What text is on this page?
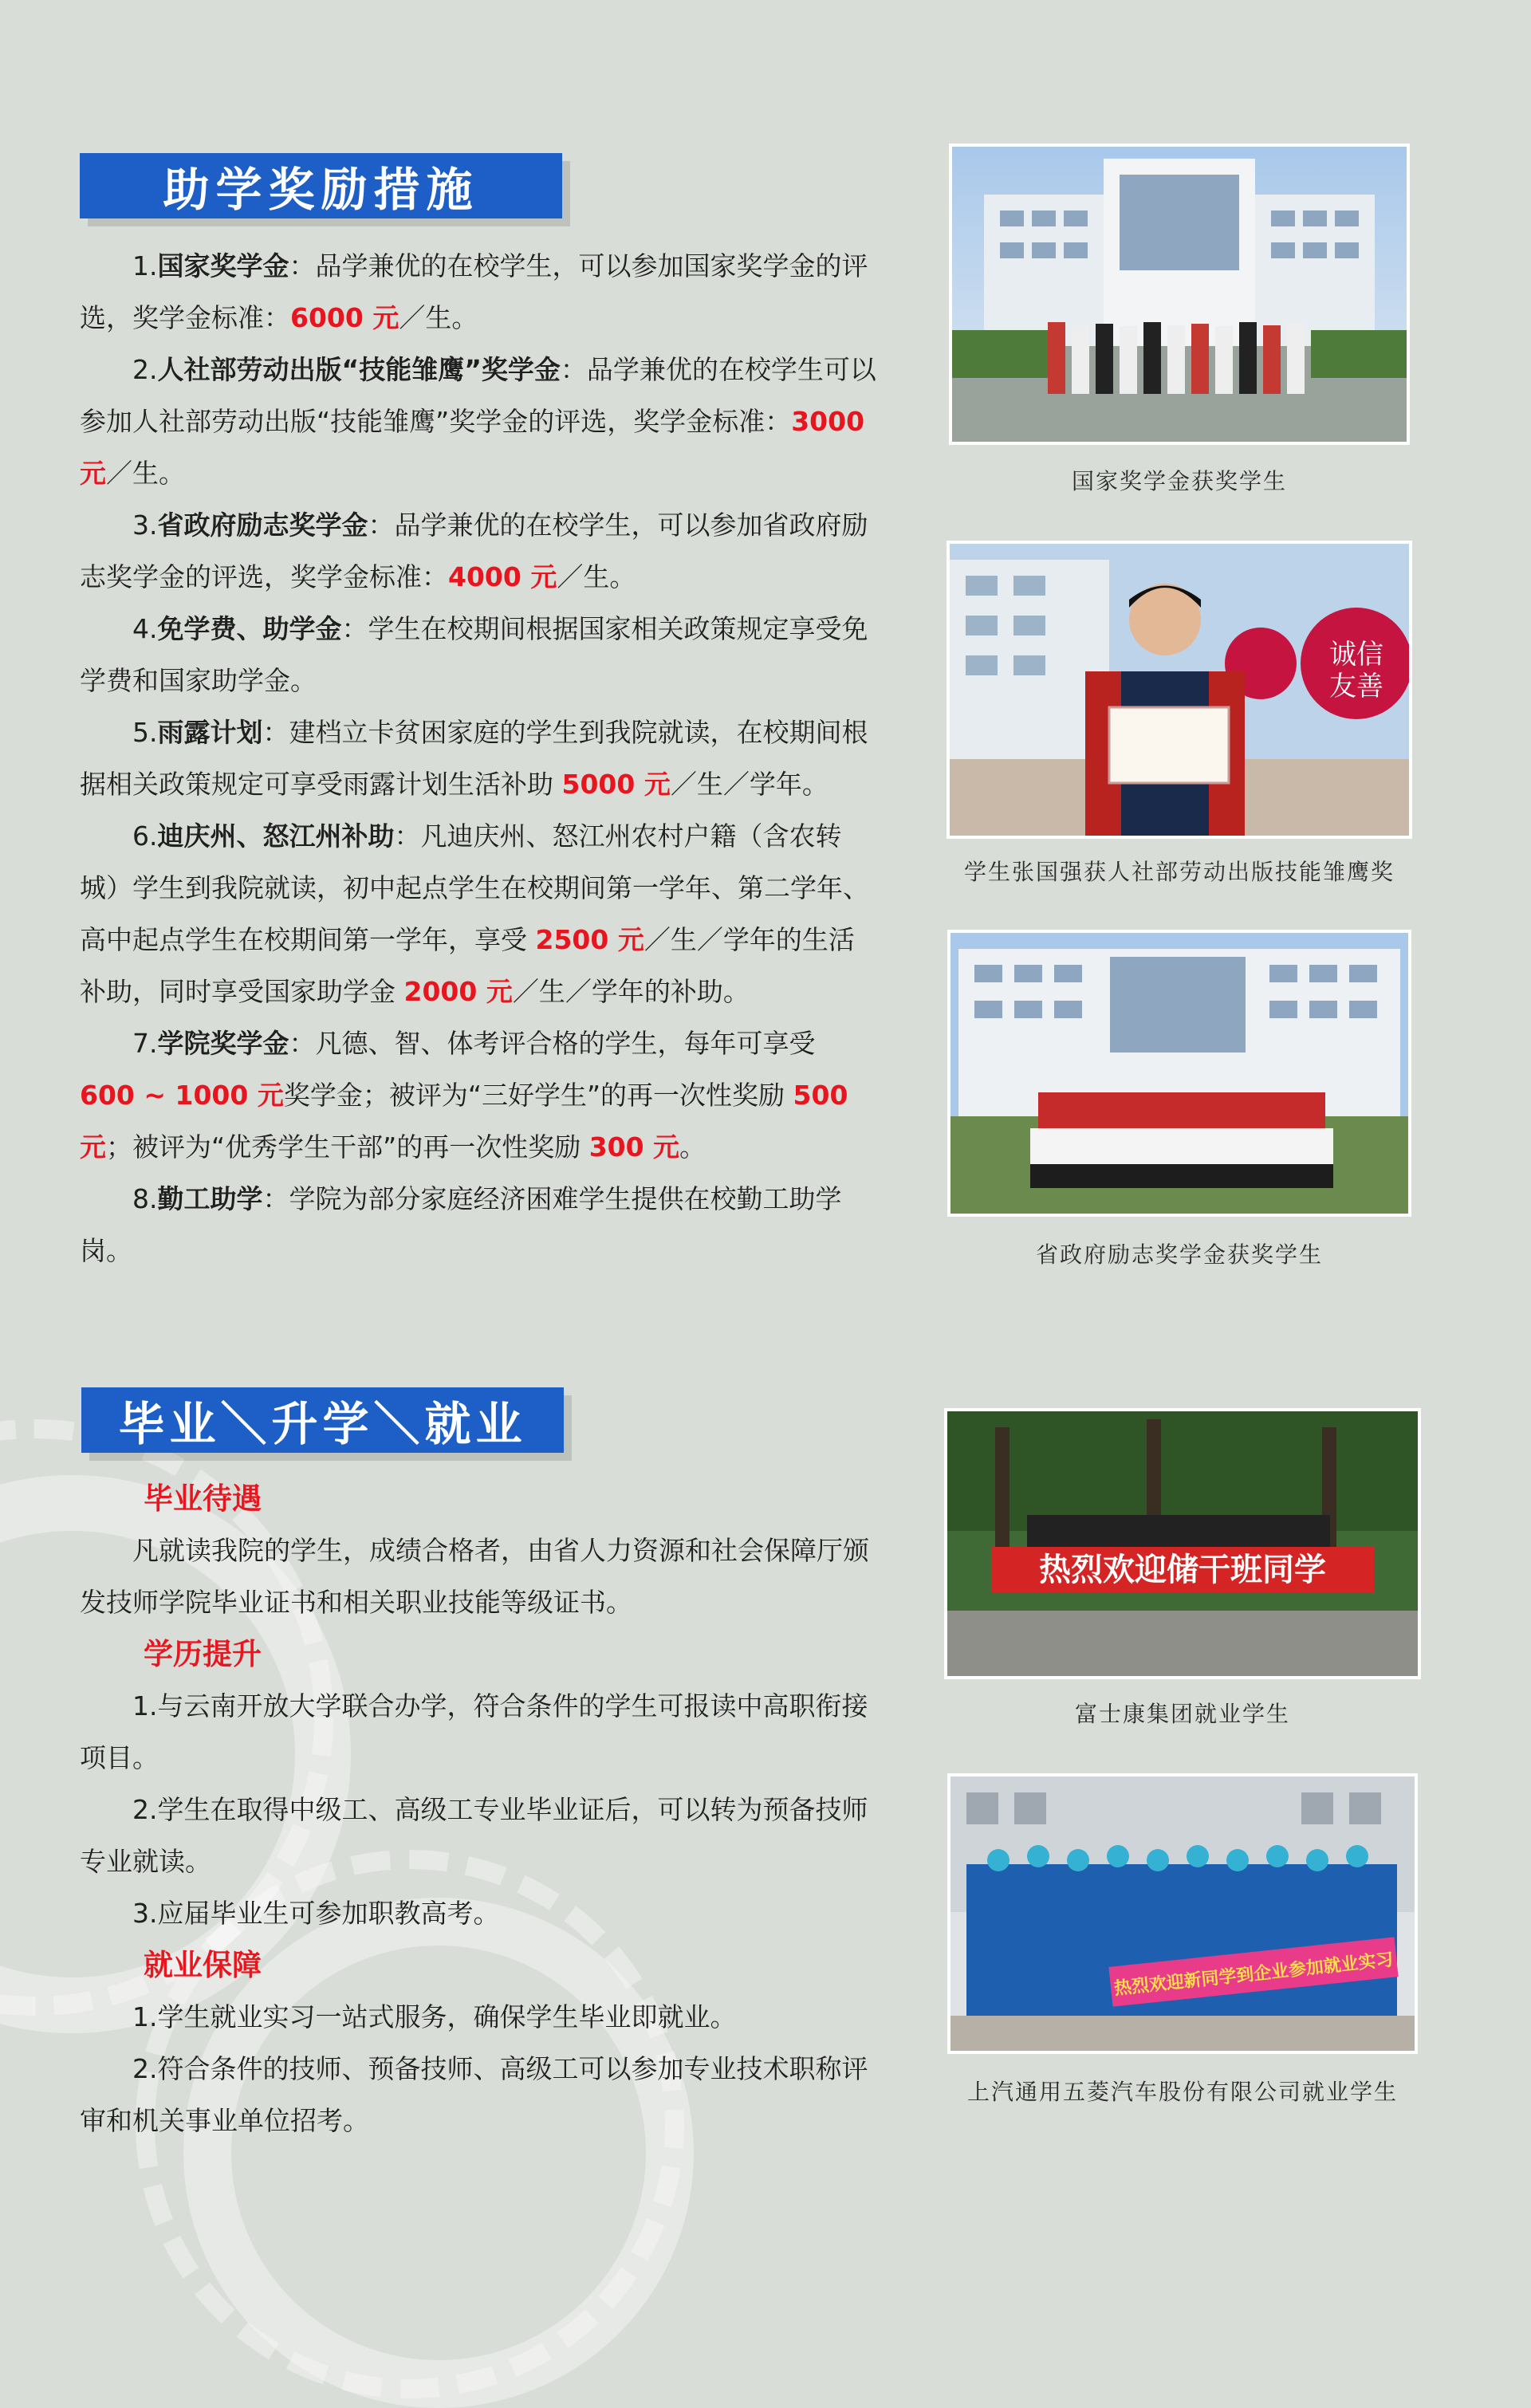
助学奖励措施

1.国家奖学金：品学兼优的在校学生，可以参加国家奖学金的评选，奖学金标准：6000 元／生。

2.人社部劳动出版“技能雏鹰”奖学金：品学兼优的在校学生可以参加人社部劳动出版“技能雏鹰”奖学金的评选，奖学金标准：3000 元／生。

3.省政府励志奖学金：品学兼优的在校学生，可以参加省政府励志奖学金的评选，奖学金标准：4000 元／生。

4.免学费、助学金：学生在校期间根据国家相关政策规定享受免学费和国家助学金。

5.雨露计划：建档立卡贫困家庭的学生到我院就读，在校期间根据相关政策规定可享受雨露计划生活补助 5000 元／生／学年。

6.迪庆州、怒江州补助：凡迪庆州、怒江州农村户籍（含农转城）学生到我院就读，初中起点学生在校期间第一学年、第二学年、高中起点学生在校期间第一学年，享受 2500 元／生／学年的生活补助，同时享受国家助学金 2000 元／生／学年的补助。

7.学院奖学金：凡德、智、体考评合格的学生，每年可享受 600 ~ 1000 元奖学金；被评为“三好学生”的再一次性奖励 500 元；被评为“优秀学生干部”的再一次性奖励 300 元。

8.勤工助学：学院为部分家庭经济困难学生提供在校勤工助学岗。

毕业＼升学＼就业

毕业待遇

凡就读我院的学生，成绩合格者，由省人力资源和社会保障厅颁发技师学院毕业证书和相关职业技能等级证书。

学历提升

1.与云南开放大学联合办学，符合条件的学生可报读中高职衔接项目。

2.学生在取得中级工、高级工专业毕业证后，可以转为预备技师专业就读。

3.应届毕业生可参加职教高考。

就业保障

1.学生就业实习一站式服务，确保学生毕业即就业。

2.符合条件的技师、预备技师、高级工可以参加专业技术职称评审和机关事业单位招考。

国家奖学金获奖学生
诚信
友善
学生张国强获人社部劳动出版技能雏鹰奖
省政府励志奖学金获奖学生
热烈欢迎储干班同学
富士康集团就业学生
热烈欢迎新同学到企业参加就业实习
上汽通用五菱汽车股份有限公司就业学生
